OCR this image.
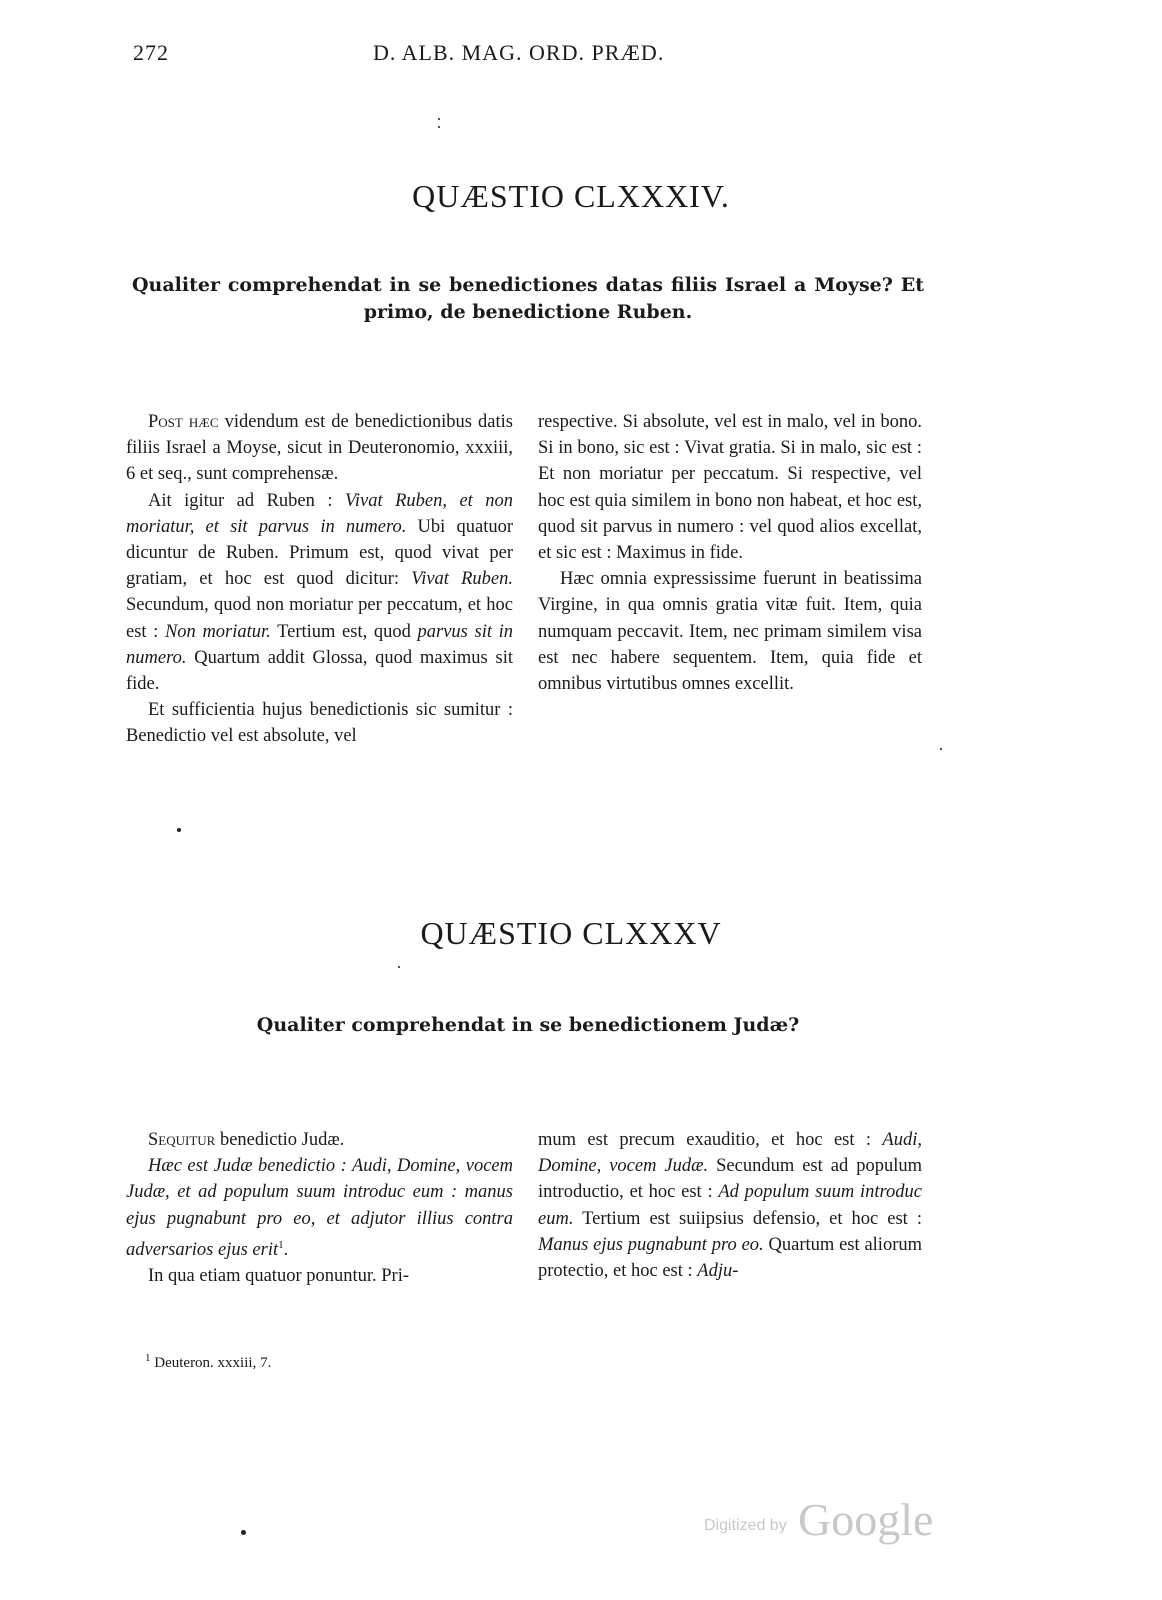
272	D. ALB. MAG. ORD. PRÆD.
QUÆSTIO CLXXXIV.
Qualiter comprehendat in se benedictiones datas filiis Israel a Moyse? Et primo, de benedictione Ruben.

Post hæc videndum est de benedictionibus datis filiis Israel a Moyse, sicut in Deuteronomio, xxxiii, 6 et seq., sunt comprehensæ.

Ait igitur ad Ruben : Vivat Ruben, et non moriatur, et sit parvus in numero. Ubi quatuor dicuntur de Ruben. Primum est, quod vivat per gratiam, et hoc est quod dicitur: Vivat Ruben. Secundum, quod non moriatur per peccatum, et hoc est : Non moriatur. Tertium est, quod parvus sit in numero. Quartum addit Glossa, quod maximus sit fide.

Et sufficientia hujus benedictionis sic sumitur : Benedictio vel est absolute, vel

respective. Si absolute, vel est in malo, vel in bono. Si in bono, sic est : Vivat gratia. Si in malo, sic est : Et non moriatur per peccatum. Si respective, vel hoc est quia similem in bono non habeat, et hoc est, quod sit parvus in numero : vel quod alios excellat, et sic est : Maximus in fide.

Hæc omnia expressissime fuerunt in beatissima Virgine, in qua omnis gratia vitæ fuit. Item, quia numquam peccavit. Item, nec primam similem visa est nec habere sequentem. Item, quia fide et omnibus virtutibus omnes excellit.

QUÆSTIO CLXXXV
Qualiter comprehendat in se benedictionem Judæ?

Sequitur benedictio Judæ.

Hæc est Judæ benedictio : Audi, Domine, vocem Judæ, et ad populum suum introduc eum : manus ejus pugnabunt pro eo, et adjutor illius contra adversarios ejus erit$^1$.

In qua etiam quatuor ponuntur. Pri-

mum est precum exauditio, et hoc est : Audi, Domine, vocem Judæ. Secundum est ad populum introductio, et hoc est : Ad populum suum introduc eum. Tertium est suiipsius defensio, et hoc est : Manus ejus pugnabunt pro eo. Quartum est aliorum protectio, et hoc est : Adju-

$^1$ Deuteron. xxxiii, 7.
Digitized by Google
